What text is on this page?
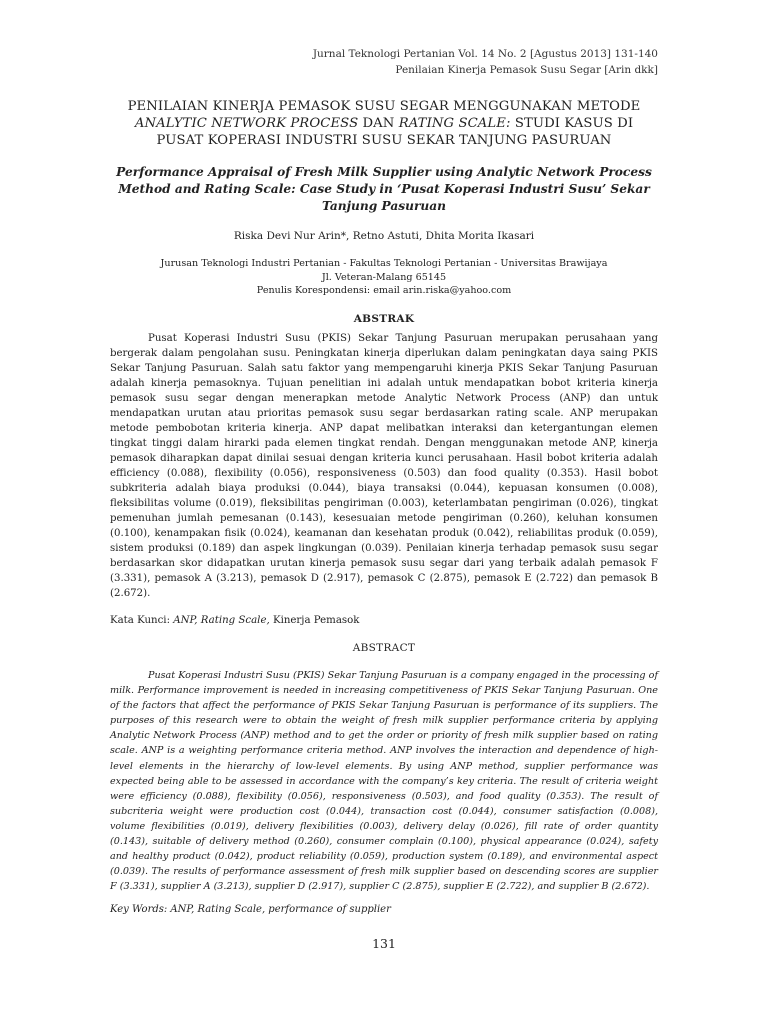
Jurnal Teknologi Pertanian Vol. 14 No. 2 [Agustus 2013] 131-140
Penilaian Kinerja Pemasok Susu Segar [Arin dkk]
PENILAIAN KINERJA PEMASOK SUSU SEGAR MENGGUNAKAN METODE
ANALYTIC NETWORK PROCESS DAN RATING SCALE: STUDI KASUS DI
PUSAT KOPERASI INDUSTRI SUSU SEKAR TANJUNG PASURUAN
Performance Appraisal of Fresh Milk Supplier using Analytic Network Process Method and Rating Scale: Case Study in ‘Pusat Koperasi Industri Susu’ Sekar Tanjung Pasuruan
Riska Devi Nur Arin*, Retno Astuti, Dhita Morita Ikasari
Jurusan Teknologi Industri Pertanian - Fakultas Teknologi Pertanian - Universitas Brawijaya
Jl. Veteran-Malang 65145
Penulis Korespondensi: email arin.riska@yahoo.com
ABSTRAK

Pusat Koperasi Industri Susu (PKIS) Sekar Tanjung Pasuruan merupakan perusahaan yang bergerak dalam pengolahan susu. Peningkatan kinerja diperlukan dalam peningkatan daya saing PKIS Sekar Tanjung Pasuruan. Salah satu faktor yang mempengaruhi kinerja PKIS Sekar Tanjung Pasuruan adalah kinerja pemasoknya. Tujuan penelitian ini adalah untuk mendapatkan bobot kriteria kinerja pemasok susu segar dengan menerapkan metode Analytic Network Process (ANP) dan untuk mendapatkan urutan atau prioritas pemasok susu segar berdasarkan rating scale. ANP merupakan metode pembobotan kriteria kinerja. ANP dapat melibatkan interaksi dan ketergantungan elemen tingkat tinggi dalam hirarki pada elemen tingkat rendah. Dengan menggunakan metode ANP, kinerja pemasok diharapkan dapat dinilai sesuai dengan kriteria kunci perusahaan. Hasil bobot kriteria adalah efficiency (0.088), flexibility (0.056), responsiveness (0.503) dan food quality (0.353). Hasil bobot subkriteria adalah biaya produksi (0.044), biaya transaksi (0.044), kepuasan konsumen (0.008), fleksibilitas volume (0.019), fleksibilitas pengiriman (0.003), keterlambatan pengiriman (0.026), tingkat pemenuhan jumlah pemesanan (0.143), kesesuaian metode pengiriman (0.260), keluhan konsumen (0.100), kenampakan fisik (0.024), keamanan dan kesehatan produk (0.042), reliabilitas produk (0.059), sistem produksi (0.189) dan aspek lingkungan (0.039). Penilaian kinerja terhadap pemasok susu segar berdasarkan skor didapatkan urutan kinerja pemasok susu segar dari yang terbaik adalah pemasok F (3.331), pemasok A (3.213), pemasok D (2.917), pemasok C (2.875), pemasok E (2.722) dan pemasok B (2.672).

Kata Kunci: ANP, Rating Scale, Kinerja Pemasok
ABSTRACT

Pusat Koperasi Industri Susu (PKIS) Sekar Tanjung Pasuruan is a company engaged in the processing of milk. Performance improvement is needed in increasing competitiveness of PKIS Sekar Tanjung Pasuruan. One of the factors that affect the performance of PKIS Sekar Tanjung Pasuruan is performance of its suppliers. The purposes of this research were to obtain the weight of fresh milk supplier performance criteria by applying Analytic Network Process (ANP) method and to get the order or priority of fresh milk supplier based on rating scale. ANP is a weighting performance criteria method. ANP involves the interaction and dependence of high-level elements in the hierarchy of low-level elements. By using ANP method, supplier performance was expected being able to be assessed in accordance with the company’s key criteria. The result of criteria weight were efficiency (0.088), flexibility (0.056), responsiveness (0.503), and food quality (0.353). The result of subcriteria weight were production cost (0.044), transaction cost (0.044), consumer satisfaction (0.008), volume flexibilities (0.019), delivery flexibilities (0.003), delivery delay (0.026), fill rate of order quantity (0.143), suitable of delivery method (0.260), consumer complain (0.100), physical appearance (0.024), safety and healthy product (0.042), product reliability (0.059), production system (0.189), and environmental aspect (0.039). The results of performance assessment of fresh milk supplier based on descending scores are supplier F (3.331), supplier A (3.213), supplier D (2.917), supplier C (2.875), supplier E (2.722), and supplier B (2.672).

Key Words: ANP, Rating Scale, performance of supplier
131
